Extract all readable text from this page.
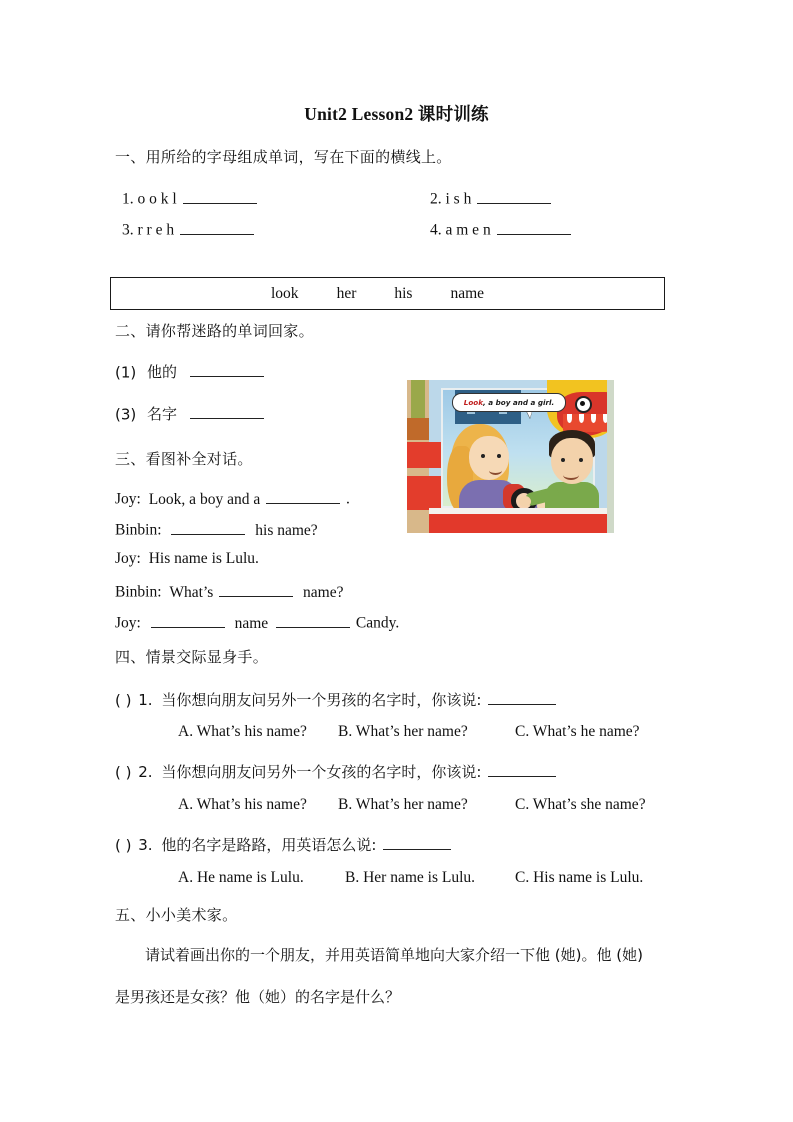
Unit2 Lesson2 课时训练
一、用所给的字母组成单词，写在下面的横线上。
1. o o k l	2. i s h
3. r r e h	4. a m e n
look her his name
二、请你帮迷路的单词回家。
(1) 他的
(3) 名字
Look, a boy and a girl.
三、看图补全对话。
Joy: Look, a boy and a	.
Binbin:	his name?
Joy: His name is Lulu.
Binbin: What’s	name?
Joy:	name	Candy.
四、情景交际显身手。
( ) 1. 当你想向朋友问另外一个男孩的名字时，你该说:
A. What’s his name? B. What’s her name?	C. What’s he name?
( ) 2. 当你想向朋友问另外一个女孩的名字时，你该说:
A. What’s his name? B. What’s her name?	C. What’s she name?
( ) 3. 他的名字是路路，用英语怎么说:
A. He name is Lulu.	B. Her name is Lulu.	C. His name is Lulu.
五、小小美术家。
请试着画出你的一个朋友，并用英语简单地向大家介绍一下他 (她)。他 (她)
是男孩还是女孩？他（她）的名字是什么？
